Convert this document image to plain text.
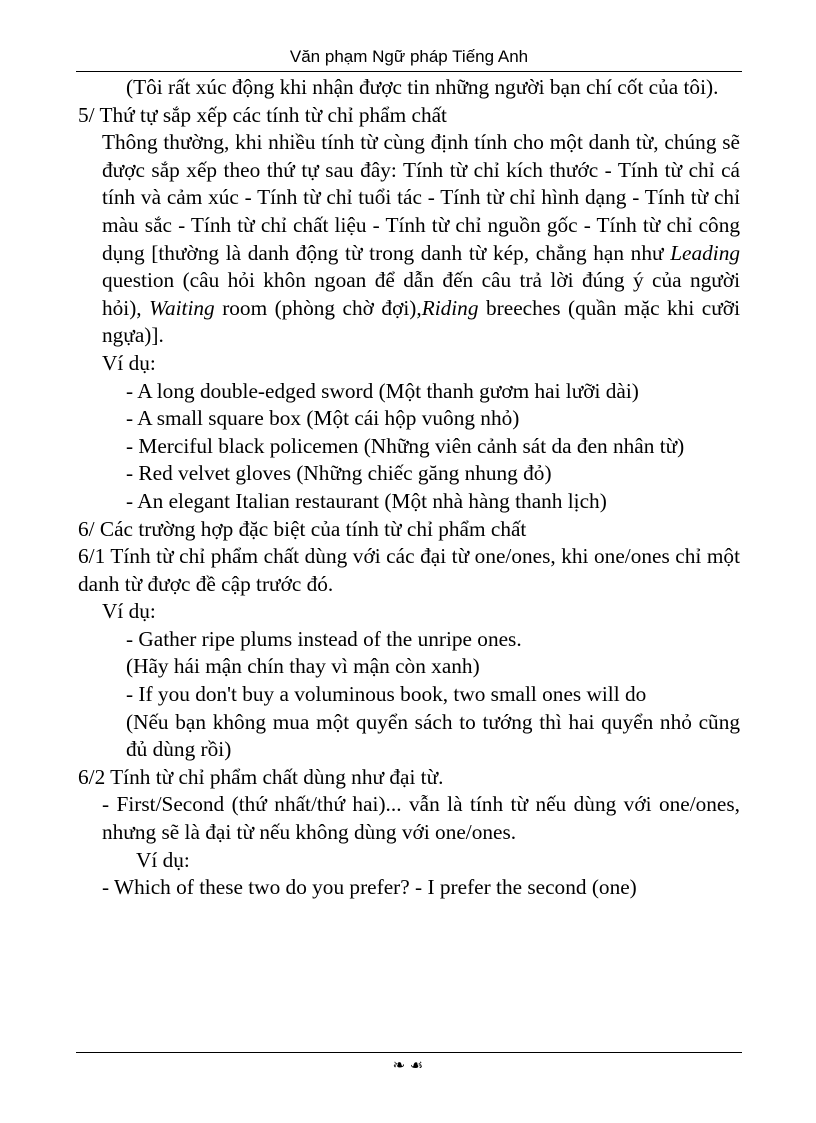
Văn phạm Ngữ pháp Tiếng Anh

(Tôi rất xúc động khi nhận được tin những người bạn chí cốt của tôi).

5/ Thứ tự sắp xếp các tính từ chỉ phẩm chất

Thông thường, khi nhiều tính từ cùng định tính cho một danh từ, chúng sẽ được sắp xếp theo thứ tự sau đây: Tính từ chỉ kích thước - Tính từ chỉ cá tính và cảm xúc - Tính từ chỉ tuổi tác - Tính từ chỉ hình dạng - Tính từ chỉ màu sắc - Tính từ chỉ chất liệu - Tính từ chỉ nguồn gốc - Tính từ chỉ công dụng [thường là danh động từ trong danh từ kép, chẳng hạn như Leading question (câu hỏi khôn ngoan để dẫn đến câu trả lời đúng ý của người hỏi), Waiting room (phòng chờ đợi),Riding breeches (quần mặc khi cưỡi ngựa)].

Ví dụ:

- A long double-edged sword (Một thanh gươm hai lưỡi dài)

- A small square box (Một cái hộp vuông nhỏ)

- Merciful black policemen (Những viên cảnh sát da đen nhân từ)

- Red velvet gloves (Những chiếc găng nhung đỏ)

- An elegant Italian restaurant (Một nhà hàng thanh lịch)

6/ Các trường hợp đặc biệt của tính từ chỉ phẩm chất

6/1 Tính từ chỉ phẩm chất dùng với các đại từ one/ones, khi one/ones chỉ một danh từ được đề cập trước đó.

Ví dụ:

- Gather ripe plums instead of the unripe ones.

(Hãy hái mận chín thay vì mận còn xanh)

- If you don't buy a voluminous book, two small ones will do

(Nếu bạn không mua một quyển sách to tướng thì hai quyển nhỏ cũng đủ dùng rồi)

6/2 Tính từ chỉ phẩm chất dùng như đại từ.

- First/Second (thứ nhất/thứ hai)... vẫn là tính từ nếu dùng với one/ones, nhưng sẽ là đại từ nếu không dùng với one/ones.

Ví dụ:

- Which of these two do you prefer? - I prefer the second (one)

❧ ☙
